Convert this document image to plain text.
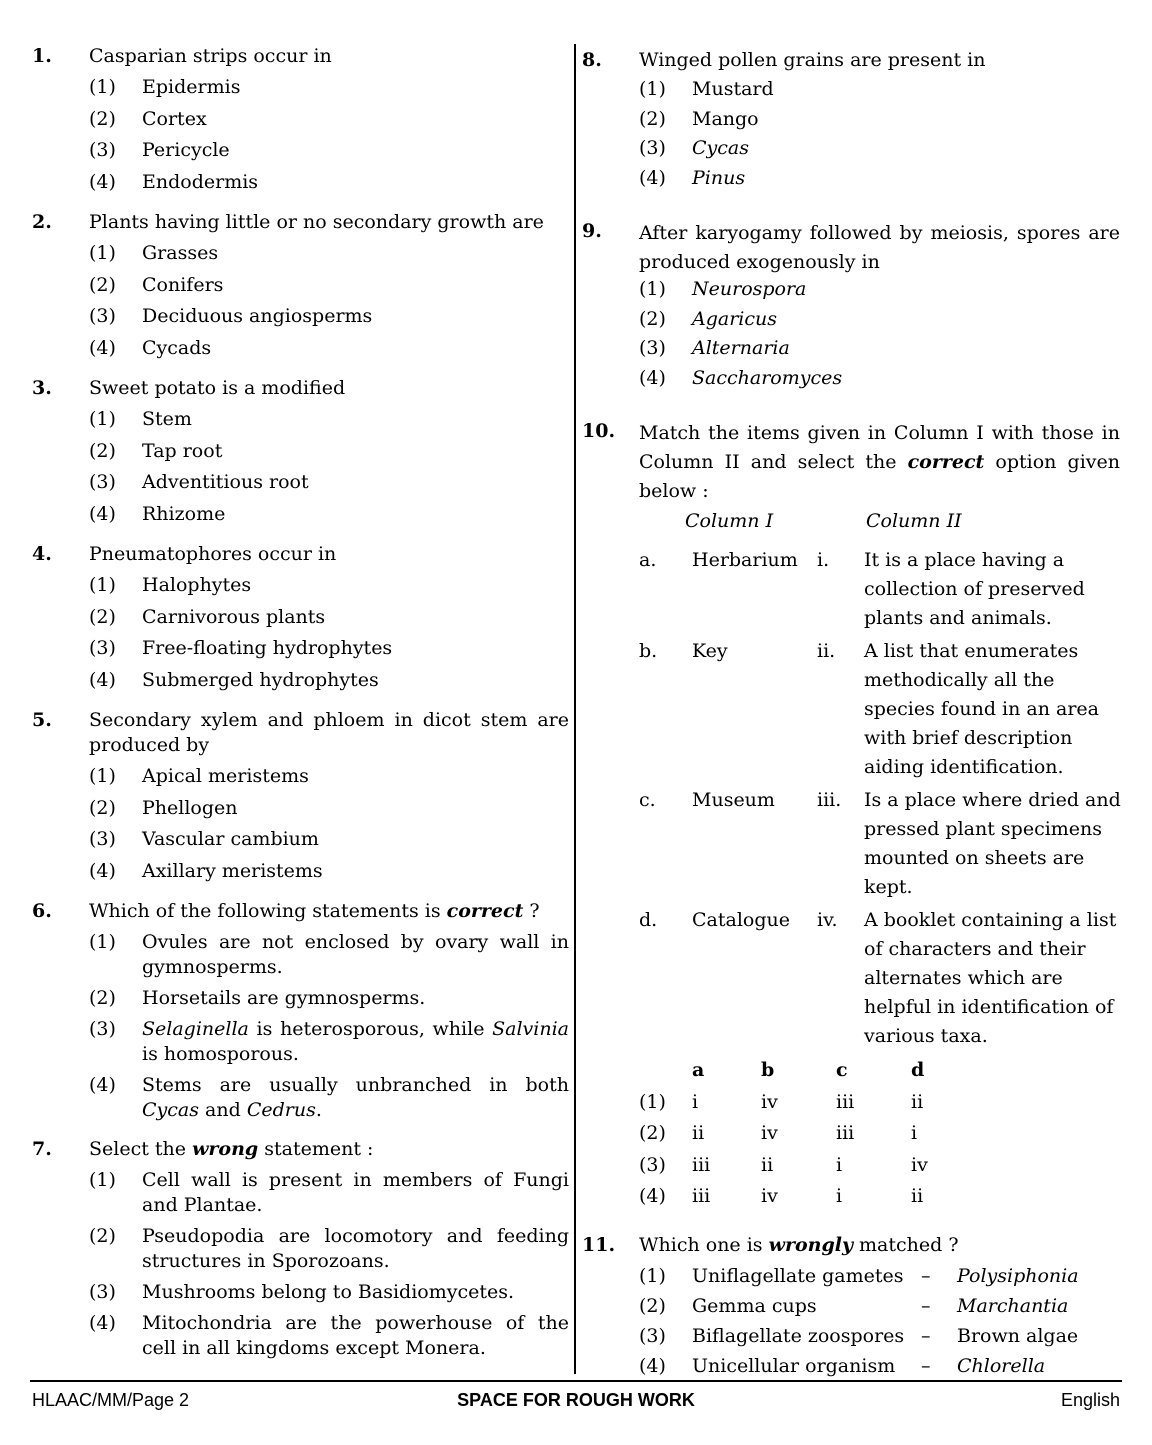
1. Casparian strips occur in
(1) Epidermis
(2) Cortex
(3) Pericycle
(4) Endodermis
2. Plants having little or no secondary growth are
(1) Grasses
(2) Conifers
(3) Deciduous angiosperms
(4) Cycads
3. Sweet potato is a modified
(1) Stem
(2) Tap root
(3) Adventitious root
(4) Rhizome
4. Pneumatophores occur in
(1) Halophytes
(2) Carnivorous plants
(3) Free-floating hydrophytes
(4) Submerged hydrophytes
5. Secondary xylem and phloem in dicot stem are produced by
(1) Apical meristems
(2) Phellogen
(3) Vascular cambium
(4) Axillary meristems
6. Which of the following statements is correct ?
(1) Ovules are not enclosed by ovary wall in gymnosperms.
(2) Horsetails are gymnosperms.
(3) Selaginella is heterosporous, while Salvinia is homosporous.
(4) Stems are usually unbranched in both Cycas and Cedrus.
7. Select the wrong statement :
(1) Cell wall is present in members of Fungi and Plantae.
(2) Pseudopodia are locomotory and feeding structures in Sporozoans.
(3) Mushrooms belong to Basidiomycetes.
(4) Mitochondria are the powerhouse of the cell in all kingdoms except Monera.
8. Winged pollen grains are present in
(1) Mustard
(2) Mango
(3) Cycas
(4) Pinus
9. After karyogamy followed by meiosis, spores are produced exogenously in
(1) Neurospora
(2) Agaricus
(3) Alternaria
(4) Saccharomyces
10. Match the items given in Column I with those in Column II and select the correct option given below :
Column I	Column II
a. Herbarium i. It is a place having a collection of preserved plants and animals.
b. Key	ii. A list that enumerates methodically all the species found in an area with brief description aiding identification.
c. Museum iii. Is a place where dried and pressed plant specimens mounted on sheets are kept.
d. Catalogue iv. A booklet containing a list of characters and their alternates which are helpful in identification of various taxa.
a	b	c	d
(1) i	iv	iii	ii
(2) ii	iv	iii	i
(3) iii	ii	i	iv
(4) iii	iv	i	ii
11. Which one is wrongly matched ?
(1) Uniflagellate gametes – Polysiphonia
(2) Gemma cups	– Marchantia
(3) Biflagellate zoospores – Brown algae
(4) Unicellular organism – Chlorella
HLAAC/MM/Page 2	SPACE FOR ROUGH WORK	English
